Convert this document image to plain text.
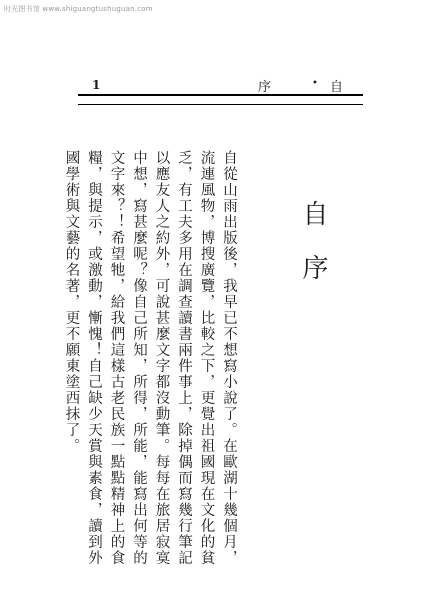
时光图书馆 www.shiguangtushuguan.com
1	序	• 自
自序

自從山雨出版後，我早已不想寫小說了。在歐湖十幾個月，流連風物，博搜廣覽，比較之下，更覺出祖國現在文化的貧乏，有工夫多用在調查讀書兩件事上，除掉偶而寫幾行筆記以應友人之約外，可說甚麼文字都沒動筆。每每在旅居寂寞中想，寫甚麼呢？像自己所知，所得，所能，能寫出何等的文字來？！希望牠，給我們這樣古老民族一點點精神上的食糧，與提示，或激動，慚愧！自己缺少天賞與素食，讀到外國學術與文藝的名著，更不願東塗西抹了。
